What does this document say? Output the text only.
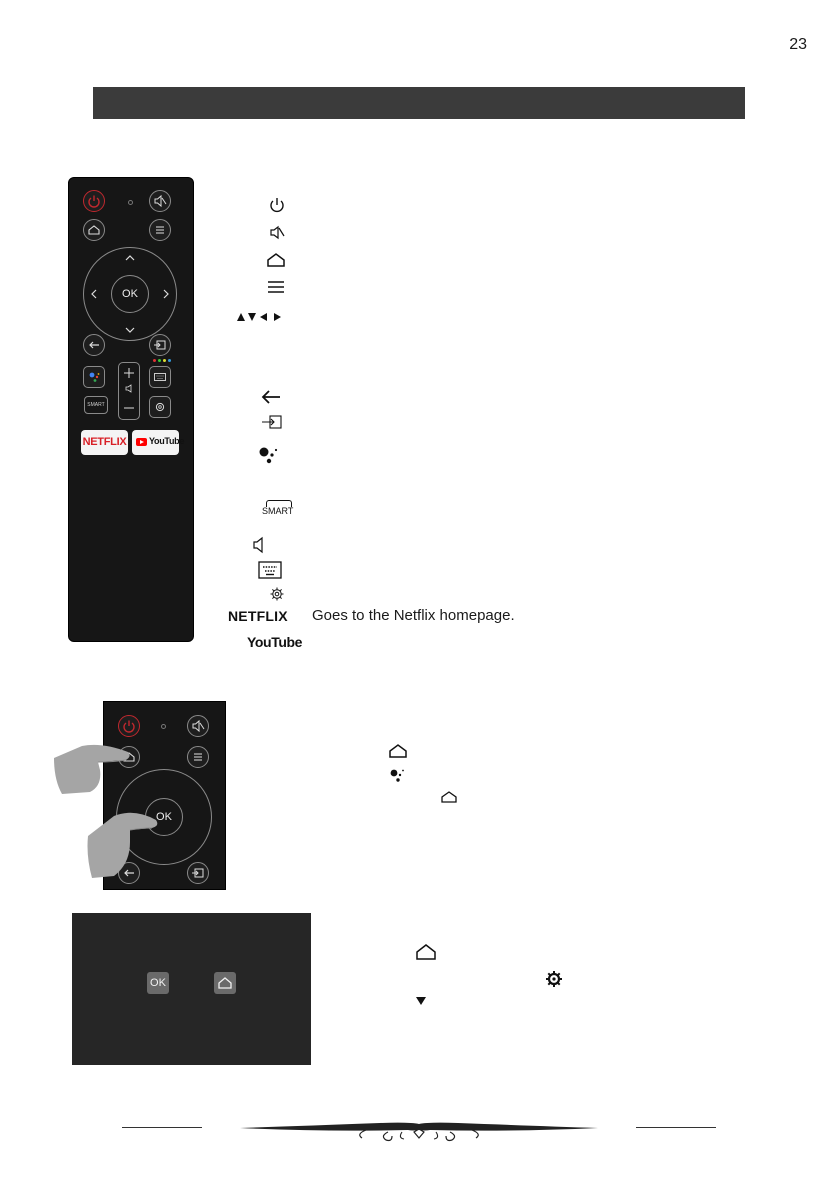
23
OK
SMART
NETFLIX	YouTube
SMART
NETFLIX Goes to the Netflix homepage.
YouTube
OK
OK
